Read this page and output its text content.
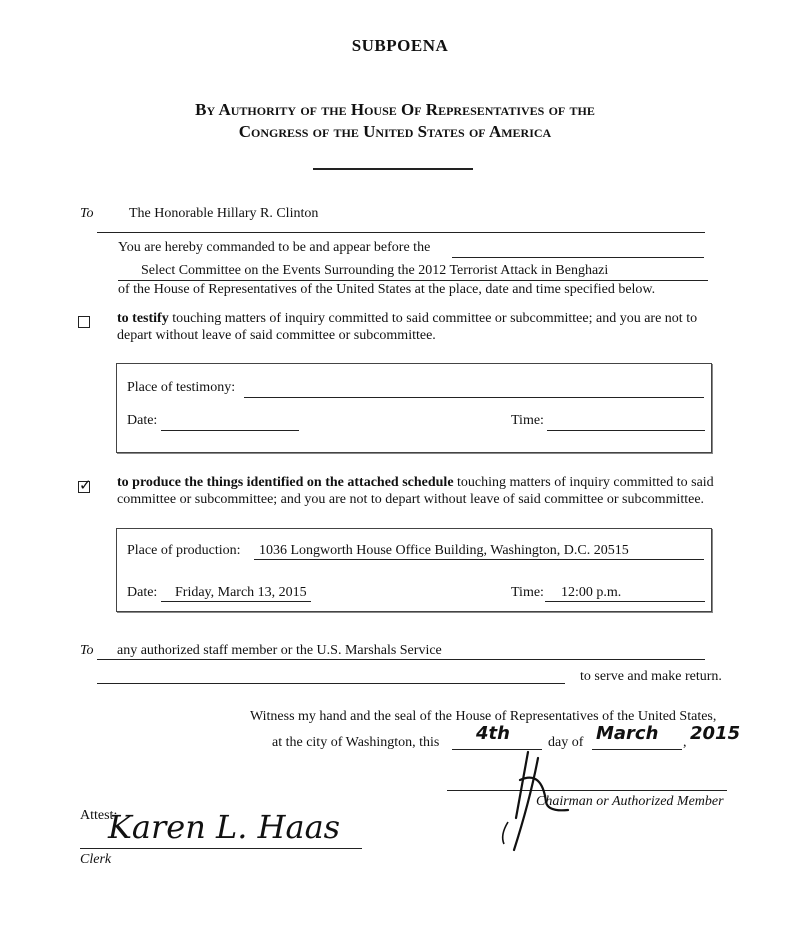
SUBPOENA
By Authority of the House Of Representatives of the
Congress of the United States of America
To	The Honorable Hillary R. Clinton
You are hereby commanded to be and appear before the
Select Committee on the Events Surrounding the 2012 Terrorist Attack in Benghazi
of the House of Representatives of the United States at the place, date and time specified below.
to testify touching matters of inquiry committed to said committee or subcommittee; and you are not to depart without leave of said committee or subcommittee.
Place of testimony:
Date:	Time:
✓ to produce the things identified on the attached schedule touching matters of inquiry committed to said committee or subcommittee; and you are not to depart without leave of said committee or subcommittee.
Place of production:	1036 Longworth House Office Building, Washington, D.C. 20515
Date:	Friday, March 13, 2015	Time:	12:00 p.m.
To	any authorized staff member or the U.S. Marshals Service
to serve and make return.
Witness my hand and the seal of the House of Representatives of the United States,
at the city of Washington, this 4th	day of March , 2015
Chairman or Authorized Member
Attest:
Karen L. Haas
Clerk
